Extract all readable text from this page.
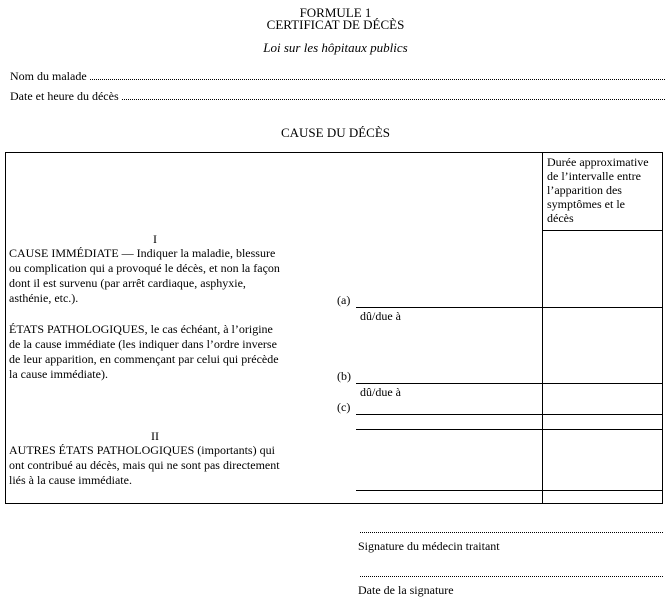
FORMULE 1
CERTIFICAT DE DÉCÈS
Loi sur les hôpitaux publics
Nom du malade
Date et heure du décès
CAUSE DU DÉCÈS
Durée approximative
de l’intervalle entre
l’apparition des
symptômes et le
décès
I
CAUSE IMMÉDIATE — Indiquer la maladie, blessure
ou complication qui a provoqué le décès, et non la façon
dont il est survenu (par arrêt cardiaque, asphyxie,
asthénie, etc.).
ÉTATS PATHOLOGIQUES, le cas échéant, à l’origine
de la cause immédiate (les indiquer dans l’ordre inverse
de leur apparition, en commençant par celui qui précède
la cause immédiate).
II
AUTRES ÉTATS PATHOLOGIQUES (importants) qui
ont contribué au décès, mais qui ne sont pas directement
liés à la cause immédiate.
(a)
dû/due à
(b)
dû/due à
(c)
Signature du médecin traitant
Date de la signature
